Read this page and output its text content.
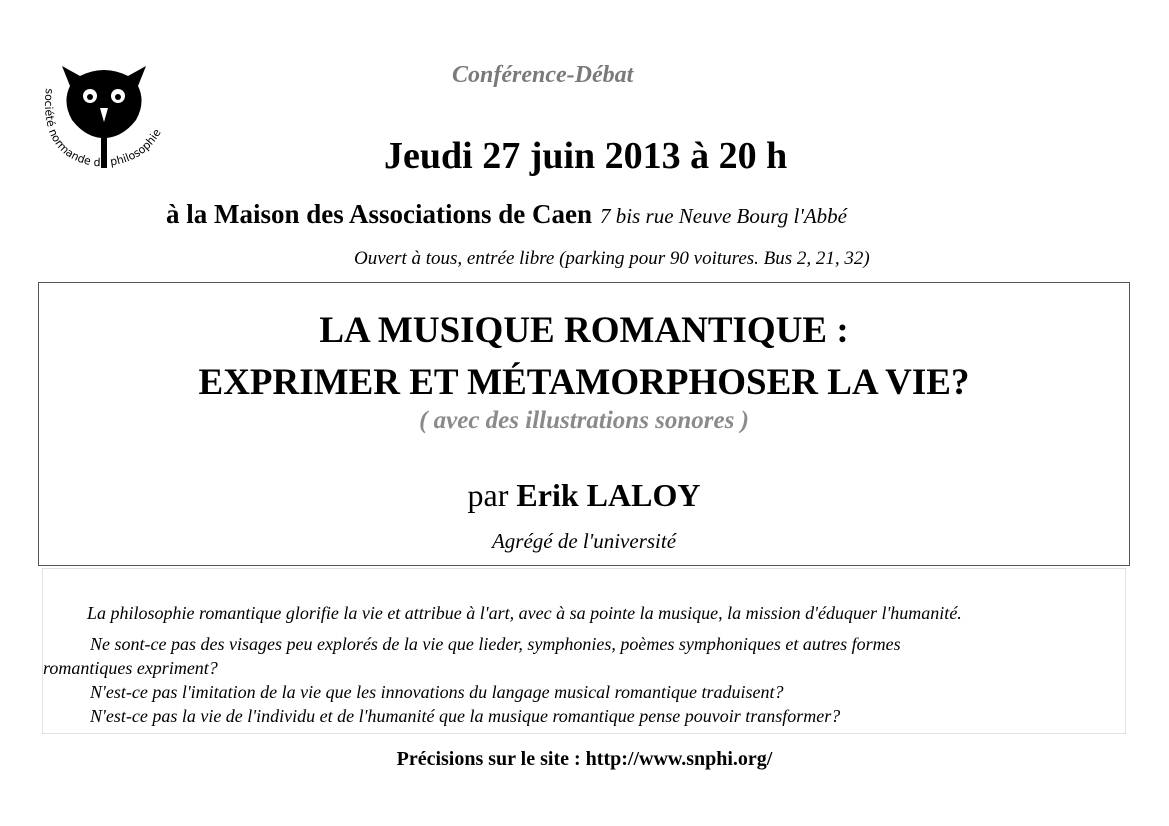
société normande de philosophie
Conférence-Débat
Jeudi 27 juin 2013 à 20 h
à la Maison des Associations de Caen 7 bis rue Neuve Bourg l'Abbé
Ouvert à tous, entrée libre (parking pour 90 voitures. Bus 2, 21, 32)
LA MUSIQUE ROMANTIQUE :
EXPRIMER ET MÉTAMORPHOSER LA VIE?
( avec des illustrations sonores )
par Erik LALOY
Agrégé de l'université
La philosophie romantique glorifie la vie et attribue à l'art, avec à sa pointe la musique, la mission d'éduquer l'humanité.
Ne sont-ce pas des visages peu explorés de la vie que lieder, symphonies, poèmes symphoniques et autres formes
romantiques expriment?
N'est-ce pas l'imitation de la vie que les innovations du langage musical romantique traduisent?
N'est-ce pas la vie de l'individu et de l'humanité que la musique romantique pense pouvoir transformer?
Précisions sur le site : http://www.snphi.org/
